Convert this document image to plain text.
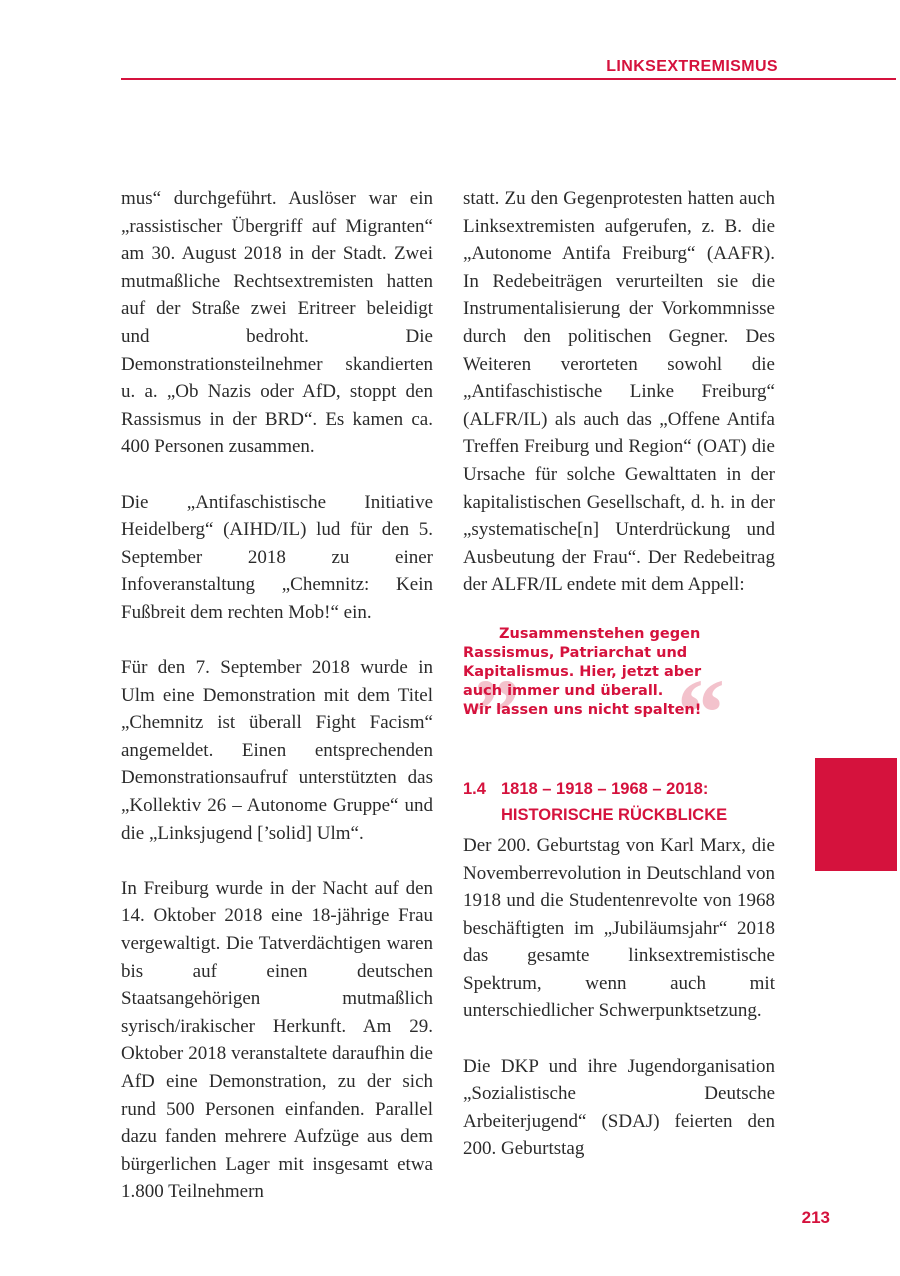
LINKSEXTREMISMUS

mus“ durchgeführt. Auslöser war ein „rassistischer Übergriff auf Migranten“ am 30. August 2018 in der Stadt. Zwei mutmaßliche Rechtsextremisten hatten auf der Straße zwei Eritreer beleidigt und bedroht. Die Demonstrationsteilnehmer skandierten u. a. „Ob Nazis oder AfD, stoppt den Rassismus in der BRD“. Es kamen ca. 400 Personen zusammen.

Die „Antifaschistische Initiative Heidelberg“ (AIHD/IL) lud für den 5. September 2018 zu einer Infoveranstaltung „Chemnitz: Kein Fußbreit dem rechten Mob!“ ein.

Für den 7. September 2018 wurde in Ulm eine Demonstration mit dem Titel „Chemnitz ist überall Fight Facism“ angemeldet. Einen entsprechenden Demonstrationsaufruf unterstützten das „Kollektiv 26 – Autonome Gruppe“ und die „Linksjugend [’solid] Ulm“.

In Freiburg wurde in der Nacht auf den 14. Oktober 2018 eine 18-jährige Frau vergewaltigt. Die Tatverdächtigen waren bis auf einen deutschen Staatsangehörigen mutmaßlich syrisch/irakischer Herkunft. Am 29. Oktober 2018 veranstaltete daraufhin die AfD eine Demonstration, zu der sich rund 500 Personen einfanden. Parallel dazu fanden mehrere Aufzüge aus dem bürgerlichen Lager mit insgesamt etwa 1.800 Teilnehmern

statt. Zu den Gegenprotesten hatten auch Linksextremisten aufgerufen, z. B. die „Autonome Antifa Freiburg“ (AAFR). In Redebeiträgen verurteilten sie die Instrumentalisierung der Vorkommnisse durch den politischen Gegner. Des Weiteren verorteten sowohl die „Antifaschistische Linke Freiburg“ (ALFR/IL) als auch das „Offene Antifa Treffen Freiburg und Region“ (OAT) die Ursache für solche Gewalttaten in der kapitalistischen Gesellschaft, d. h. in der „systematische[n] Unterdrückung und Ausbeutung der Frau“. Der Redebeitrag der ALFR/IL endete mit dem Appell:

„ “
Zusammenstehen gegen
Rassismus, Patriarchat und
Kapitalismus. Hier, jetzt aber
auch immer und überall.
Wir lassen uns nicht spalten!
1.4 1818 – 1918 – 1968 – 2018:
HISTORISCHE RÜCKBLICKE

Der 200. Geburtstag von Karl Marx, die Novemberrevolution in Deutschland von 1918 und die Studentenrevolte von 1968 beschäftigten im „Jubiläumsjahr“ 2018 das gesamte linksextremistische Spektrum, wenn auch mit unterschiedlicher Schwerpunktsetzung.

Die DKP und ihre Jugendorganisation „Sozialistische Deutsche Arbeiterjugend“ (SDAJ) feierten den 200. Geburtstag

213
